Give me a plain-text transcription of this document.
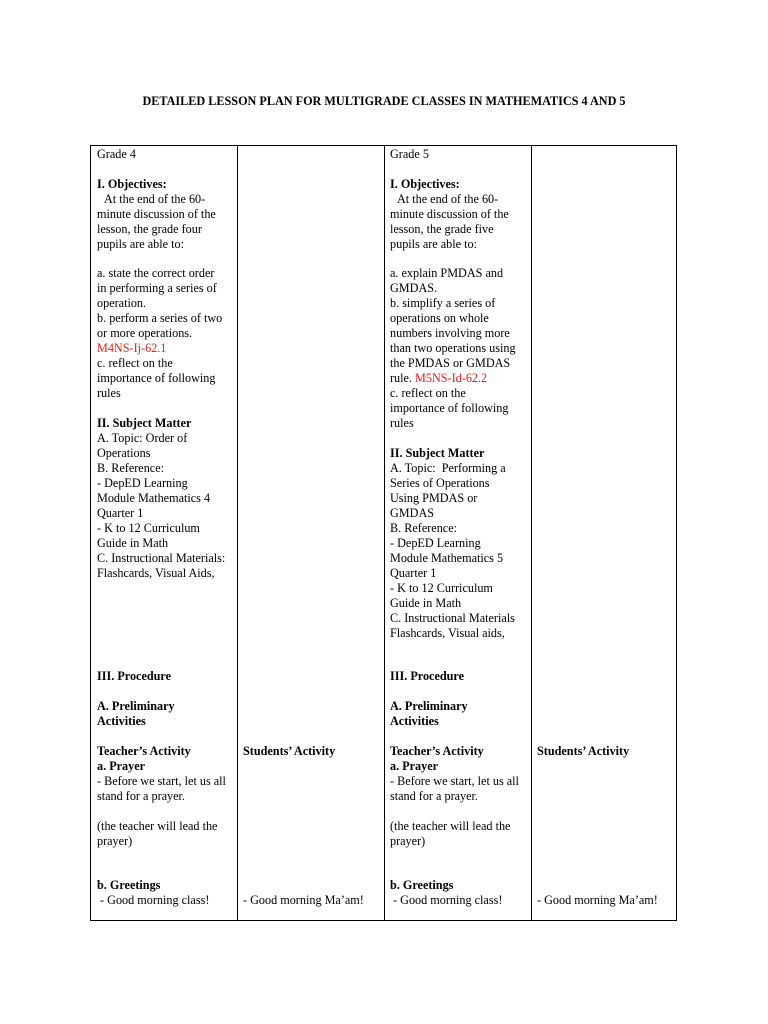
DETAILED LESSON PLAN FOR MULTIGRADE CLASSES IN MATHEMATICS 4 AND 5
Grade 4
I. Objectives:
At the end of the 60-
minute discussion of the
lesson, the grade four
pupils are able to:
a. state the correct order
in performing a series of
operation.
b. perform a series of two
or more operations.
M4NS-Ij-62.1
c. reflect on the
importance of following
rules
II. Subject Matter
A. Topic: Order of
Operations
B. Reference:
- DepED Learning
Module Mathematics 4
Quarter 1
- K to 12 Curriculum
Guide in Math
C. Instructional Materials:
Flashcards, Visual Aids,
III. Procedure
A. Preliminary
Activities
Teacher’s Activity
a. Prayer
- Before we start, let us all
stand for a prayer.
(the teacher will lead the
prayer)
b. Greetings
- Good morning class!
Students’ Activity
- Good morning Ma’am!
Grade 5
I. Objectives:
At the end of the 60-
minute discussion of the
lesson, the grade five
pupils are able to:
a. explain PMDAS and
GMDAS.
b. simplify a series of
operations on whole
numbers involving more
than two operations using
the PMDAS or GMDAS
rule. M5NS-Id-62.2
c. reflect on the
importance of following
rules
II. Subject Matter
A. Topic:  Performing a
Series of Operations
Using PMDAS or
GMDAS
B. Reference:
- DepED Learning
Module Mathematics 5
Quarter 1
- K to 12 Curriculum
Guide in Math
C. Instructional Materials
Flashcards, Visual aids,
III. Procedure
A. Preliminary
Activities
Teacher’s Activity
a. Prayer
- Before we start, let us all
stand for a prayer.
(the teacher will lead the
prayer)
b. Greetings
- Good morning class!
Students’ Activity
- Good morning Ma’am!
